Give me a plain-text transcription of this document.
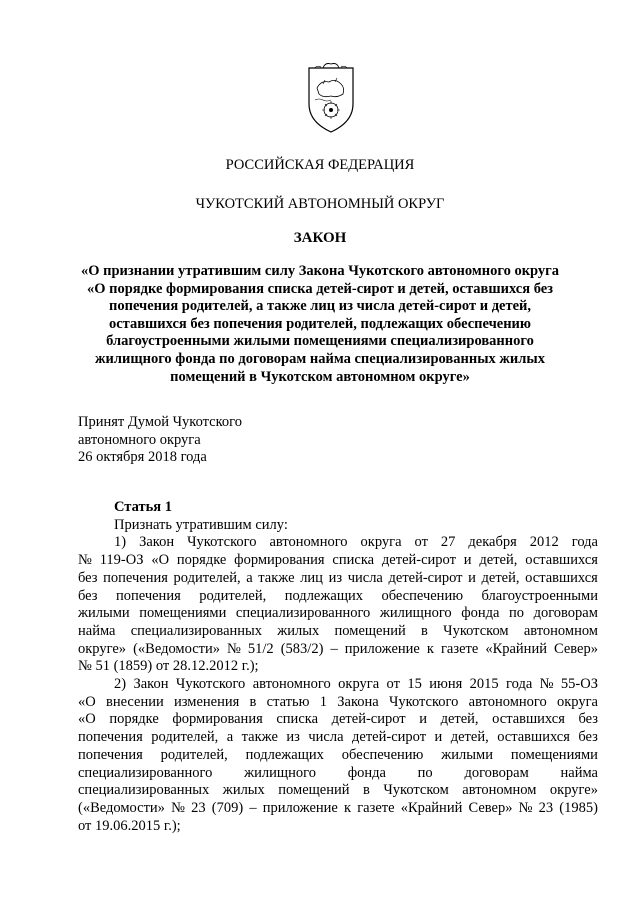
РОССИЙСКАЯ ФЕДЕРАЦИЯ
ЧУКОТСКИЙ АВТОНОМНЫЙ ОКРУГ
ЗАКОН
«О признании утратившим силу Закона Чукотского автономного округа
«О порядке формирования списка детей-сирот и детей, оставшихся без
попечения родителей, а также лиц из числа детей-сирот и детей,
оставшихся без попечения родителей, подлежащих обеспечению
благоустроенными жилыми помещениями специализированного
жилищного фонда по договорам найма специализированных жилых
помещений в Чукотском автономном округе»
Принят Думой Чукотского
автономного округа
26 октября 2018 года
Статья 1
Признать утратившим силу:
1) Закон Чукотского автономного округа от 27 декабря 2012 года
№ 119-ОЗ «О порядке формирования списка детей-сирот и детей, оставшихся
без попечения родителей, а также лиц из числа детей-сирот и детей, оставшихся
без попечения родителей, подлежащих обеспечению благоустроенными
жилыми помещениями специализированного жилищного фонда по договорам
найма специализированных жилых помещений в Чукотском автономном
округе» («Ведомости» № 51/2 (583/2) – приложение к газете «Крайний Север»
№ 51 (1859) от 28.12.2012 г.);
2) Закон Чукотского автономного округа от 15 июня 2015 года № 55-ОЗ
«О внесении изменения в статью 1 Закона Чукотского автономного округа
«О порядке формирования списка детей-сирот и детей, оставшихся без
попечения родителей, а также из числа детей-сирот и детей, оставшихся без
попечения родителей, подлежащих обеспечению жилыми помещениями
специализированного жилищного фонда по договорам найма
специализированных жилых помещений в Чукотском автономном округе»
(«Ведомости» № 23 (709) – приложение к газете «Крайний Север» № 23 (1985)
от 19.06.2015 г.);
